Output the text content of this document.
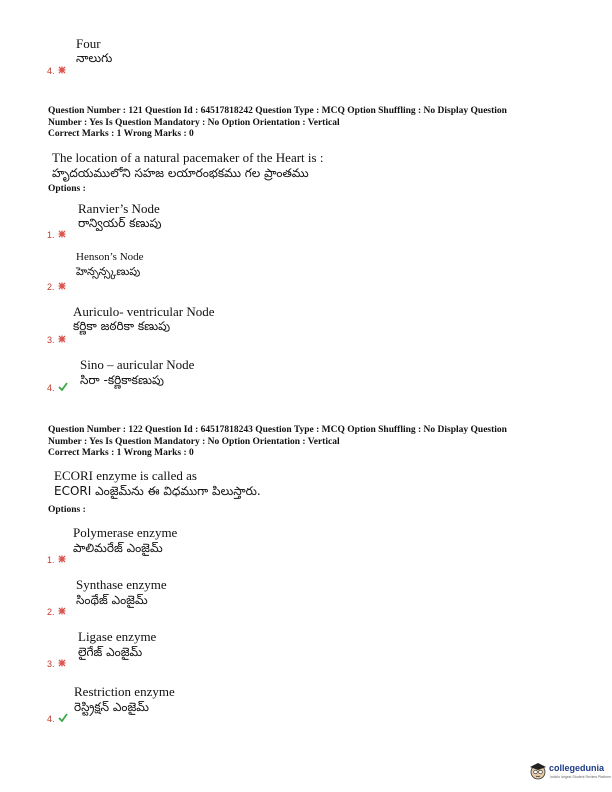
Four
నాలుగు
4.
Question Number : 121 Question Id : 64517818242 Question Type : MCQ Option Shuffling : No Display Question
Number : Yes Is Question Mandatory : No Option Orientation : Vertical
Correct Marks : 1 Wrong Marks : 0
The location of a natural pacemaker of the Heart is :
హృదయములోని సహజ లయారంభకము గల ప్రాంతము
Options :
Ranvier’s Node
రాన్వియర్ కణుపు
1.
Henson’s Node
హెన్సన్స్కణుపు
2.
Auriculo- ventricular Node
కర్ణికా జఠరికా కణుపు
3.
Sino – auricular Node
సిరా -కర్ణికాకణుపు
4.
Question Number : 122 Question Id : 64517818243 Question Type : MCQ Option Shuffling : No Display Question
Number : Yes Is Question Mandatory : No Option Orientation : Vertical
Correct Marks : 1 Wrong Marks : 0
ECORI enzyme is called as
ECORI ఎంజైమ్‌ను ఈ విధముగా పిలుస్తారు.
Options :
Polymerase enzyme
పాలిమరేజ్ ఎంజైమ్
1.
Synthase enzyme
సింథేజ్ ఎంజైమ్
2.
Ligase enzyme
లైగేజ్ ఎంజైమ్
3.
Restriction enzyme
రెస్ట్రిక్షన్ ఎంజైమ్
4.
collegedunia
India's largest Student Review Platform
